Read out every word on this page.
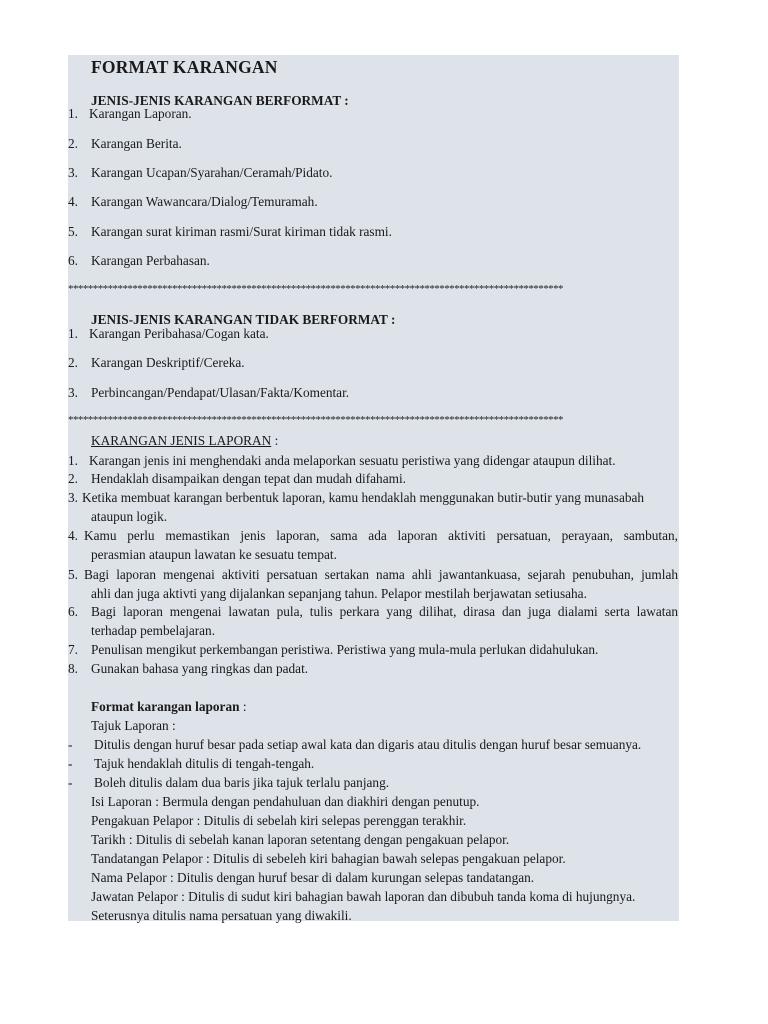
FORMAT KARANGAN
JENIS-JENIS KARANGAN BERFORMAT :
1. Karangan Laporan.
2. Karangan Berita.
3. Karangan Ucapan/Syarahan/Ceramah/Pidato.
4. Karangan Wawancara/Dialog/Temuramah.
5. Karangan surat kiriman rasmi/Surat kiriman tidak rasmi.
6. Karangan Perbahasan.
****************************************************************************************************
JENIS-JENIS KARANGAN TIDAK BERFORMAT :
1. Karangan Peribahasa/Cogan kata.
2. Karangan Deskriptif/Cereka.
3. Perbincangan/Pendapat/Ulasan/Fakta/Komentar.
****************************************************************************************************
KARANGAN JENIS LAPORAN :
1. Karangan jenis ini menghendaki anda melaporkan sesuatu peristiwa yang didengar ataupun dilihat.
2. Hendaklah disampaikan dengan tepat dan mudah difahami.
3. Ketika membuat karangan berbentuk laporan, kamu hendaklah menggunakan butir-butir yang munasabah
ataupun logik.
4. Kamu perlu memastikan jenis laporan, sama ada laporan aktiviti persatuan, perayaan, sambutan,
perasmian ataupun lawatan ke sesuatu tempat.
5. Bagi laporan mengenai aktiviti persatuan sertakan nama ahli jawantankuasa, sejarah penubuhan, jumlah
ahli dan juga aktivti yang dijalankan sepanjang tahun. Pelapor mestilah berjawatan setiusaha.
6. Bagi laporan mengenai lawatan pula, tulis perkara yang dilihat, dirasa dan juga dialami serta lawatan
terhadap pembelajaran.
7. Penulisan mengikut perkembangan peristiwa. Peristiwa yang mula-mula perlukan didahulukan.
8. Gunakan bahasa yang ringkas dan padat.
Format karangan laporan :
Tajuk Laporan :
- Ditulis dengan huruf besar pada setiap awal kata dan digaris atau ditulis dengan huruf besar semuanya.
- Tajuk hendaklah ditulis di tengah-tengah.
- Boleh ditulis dalam dua baris jika tajuk terlalu panjang.
Isi Laporan : Bermula dengan pendahuluan dan diakhiri dengan penutup.
Pengakuan Pelapor : Ditulis di sebelah kiri selepas perenggan terakhir.
Tarikh : Ditulis di sebelah kanan laporan setentang dengan pengakuan pelapor.
Tandatangan Pelapor : Ditulis di sebeleh kiri bahagian bawah selepas pengakuan pelapor.
Nama Pelapor : Ditulis dengan huruf besar di dalam kurungan selepas tandatangan.
Jawatan Pelapor : Ditulis di sudut kiri bahagian bawah laporan dan dibubuh tanda koma di hujungnya.
Seterusnya ditulis nama persatuan yang diwakili.
